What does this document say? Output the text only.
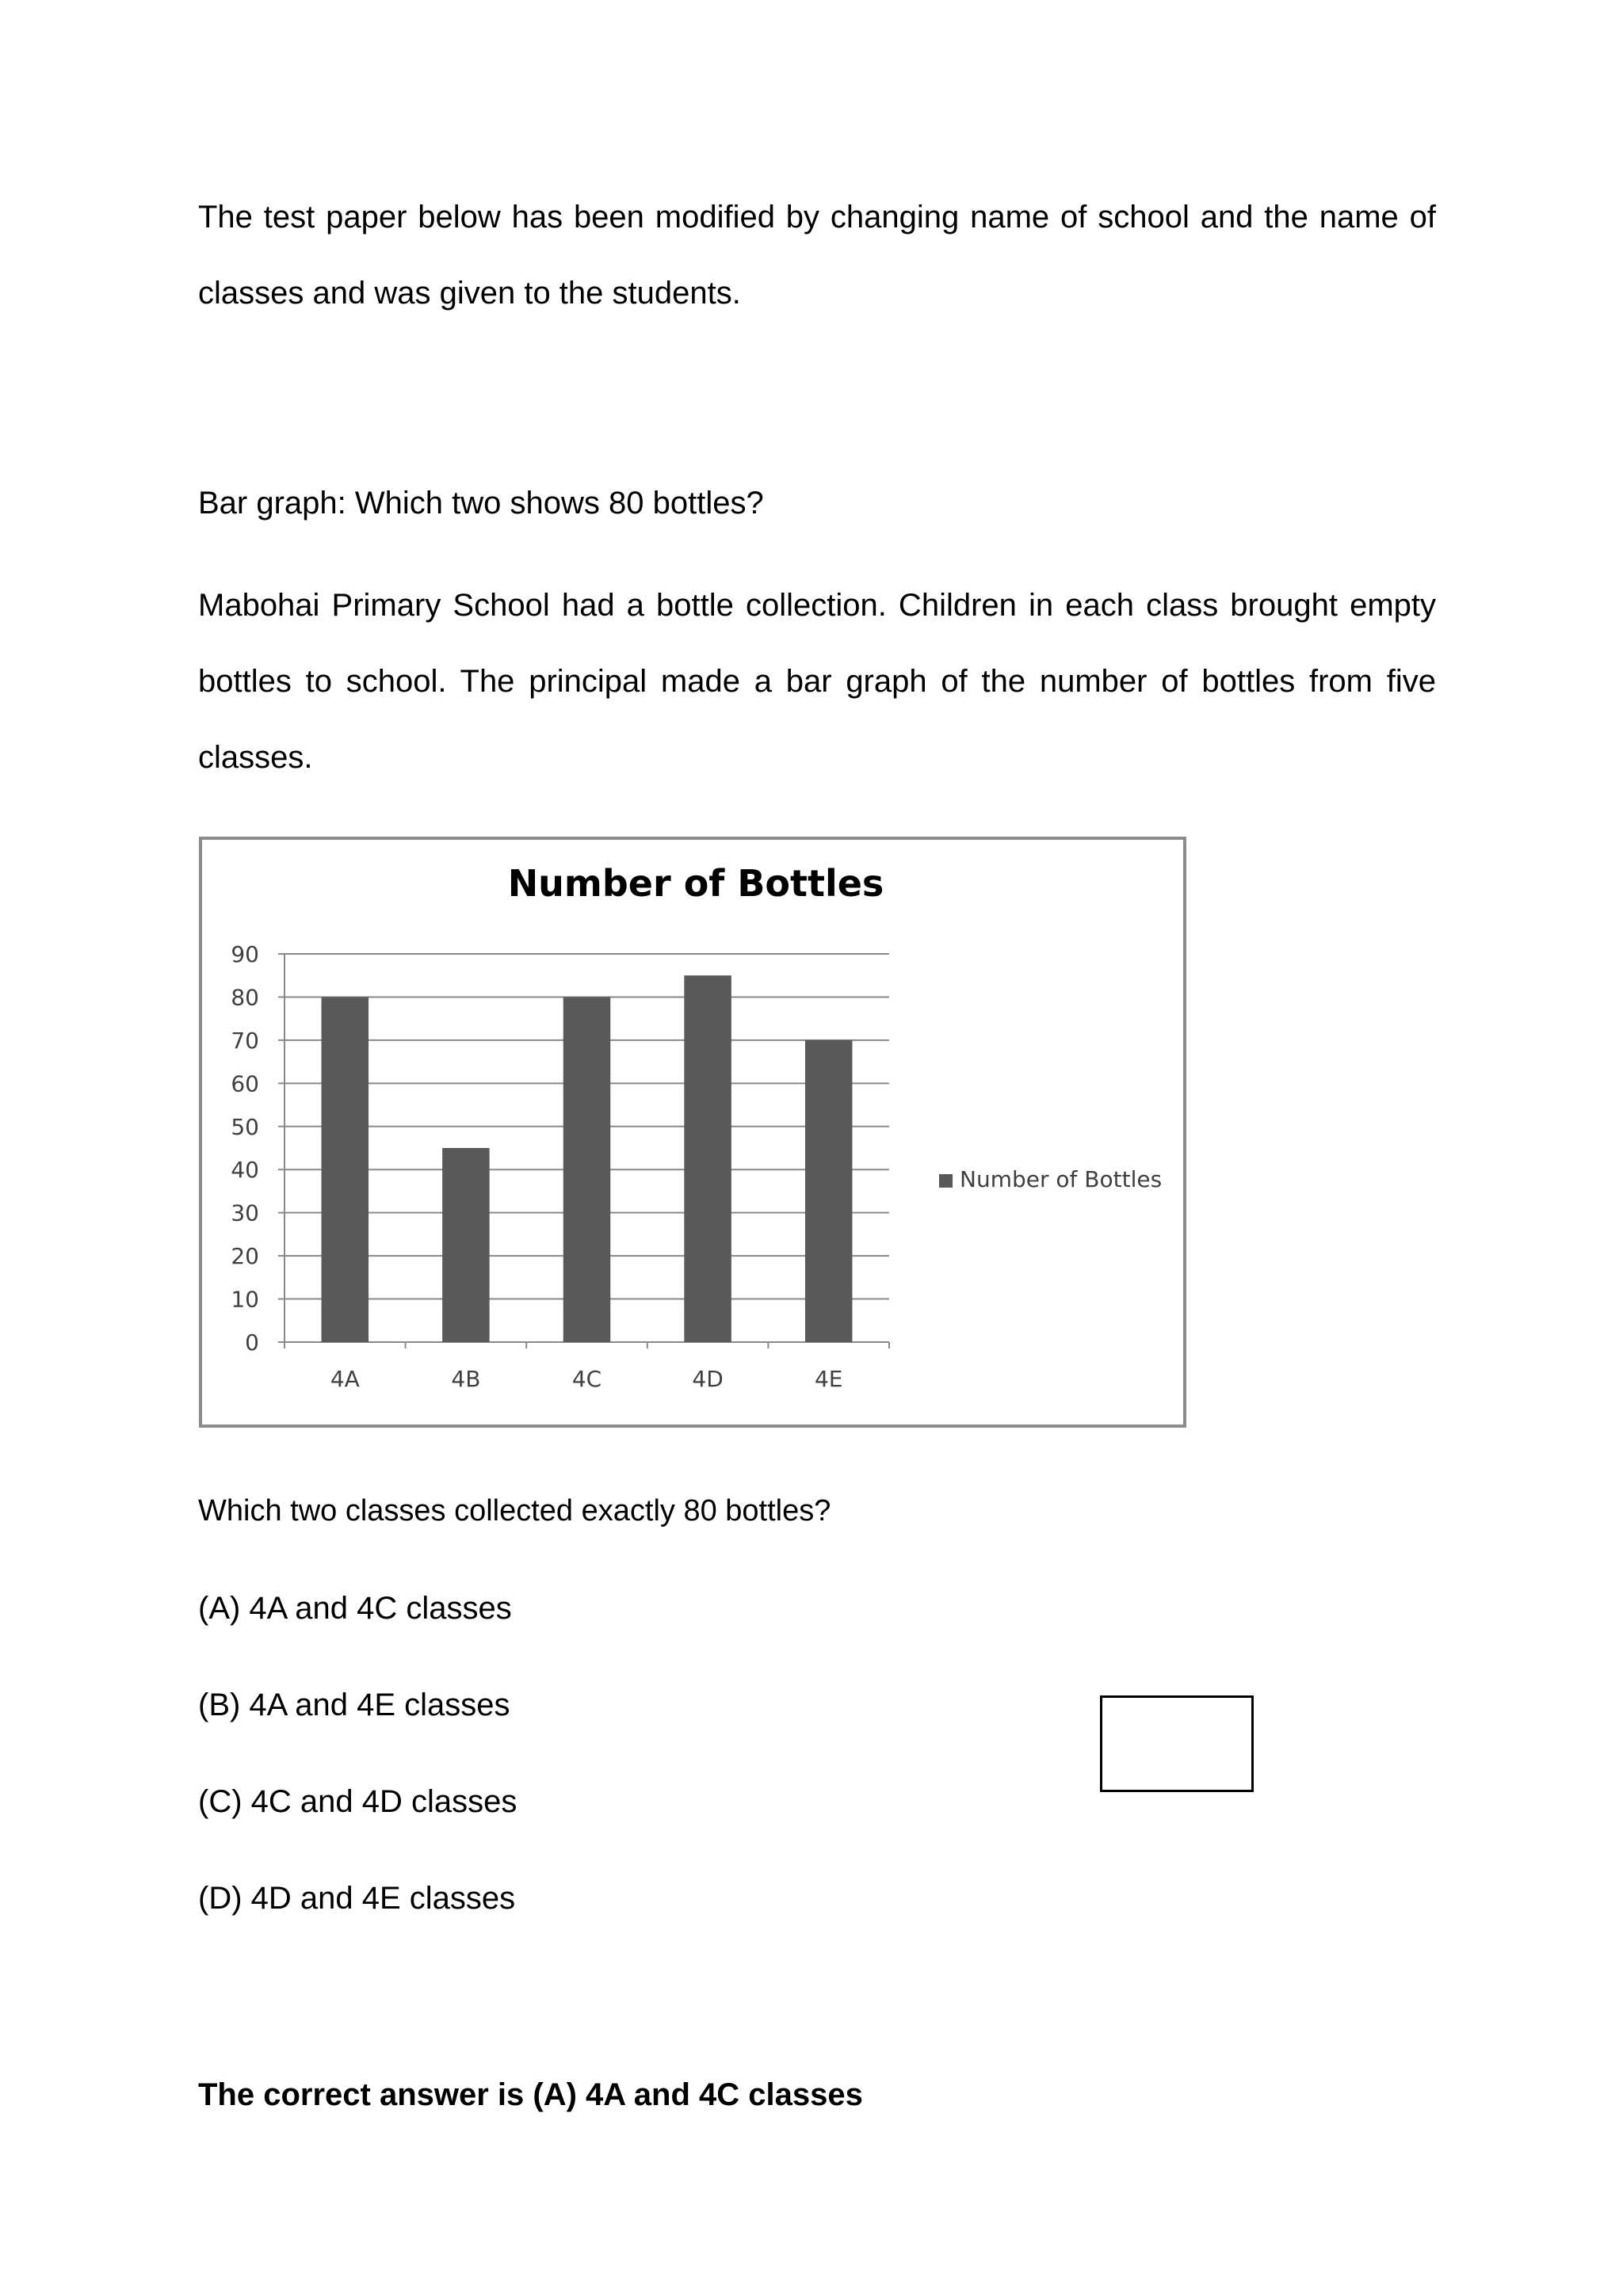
The test paper below has been modified by changing name of school and the name of classes and was given to the students.

Bar graph: Which two shows 80 bottles?

Mabohai Primary School had a bottle collection. Children in each class brought empty bottles to school. The principal made a bar graph of the number of bottles from five classes.

Number of Bottles
0
10
20
30
40
50
60
70
80
90
4A	4B	4C	4D	4E
Number of Bottles

Which two classes collected exactly 80 bottles?

(A) 4A and 4C classes

(B) 4A and 4E classes

(C) 4C and 4D classes

(D) 4D and 4E classes

The correct answer is (A) 4A and 4C classes
